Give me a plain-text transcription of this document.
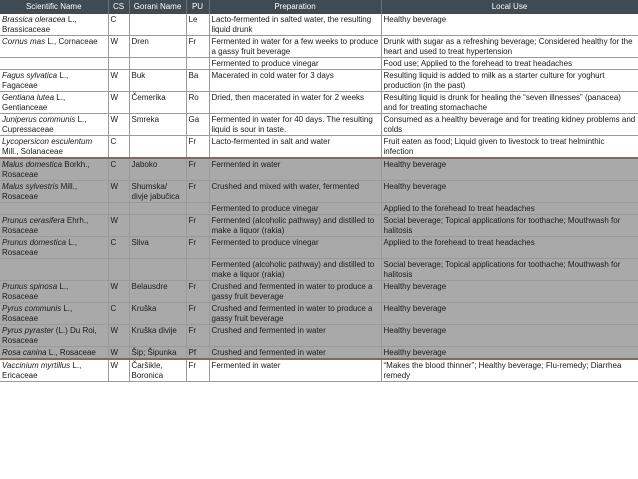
Scientific Name	CS	Gorani Name	PU	Preparation	Local Use
Brassica oleracea L.,
Brassicaceae	C		Le	Lacto-fermented in salted water, the resulting liquid drunk	Healthy beverage
Cornus mas L., Cornaceae	W	Dren	Fr	Fermented in water for a few weeks to produce a gassy fruit beverage	Drunk with sugar as a refreshing beverage; Considered healthy for the heart and used to treat hypertension

				Fermented to produce vinegar	Food use; Applied to the forehead to treat headaches
Fagus sylvatica L.,
Fagaceae	W	Buk	Ba	Macerated in cold water for 3 days	Resulting liquid is added to milk as a starter culture for yoghurt production (in the past)
Gentiana lutea L.,
Gentianceae	W	Čemerika	Ro	Dried, then macerated in water for 2 weeks	Resulting liquid is drunk for healing the “seven illnesses” (panacea) and for treating stomachache
Juniperus communis L.,
Cupressaceae	W	Smreka	Ga	Fermented in water for 40 days. The resulting liquid is sour in taste.	Consumed as a healthy beverage and for treating kidney problems and colds
Lycopersicon esculentum
Mill., Solanaceae	C		Fr	Lacto-fermented in salt and water	Fruit eaten as food; Liquid given to livestock to treat helminthic infection
Malus domestica Borkh.,
Rosaceae	C	Jaboko	Fr	Fermented in water	Healthy beverage
Malus sylvestris Mill.,
Rosaceae	W	Shumska/ divje jabučica	Fr	Crushed and mixed with water, fermented	Healthy beverage

				Fermented to produce vinegar	Applied to the forehead to treat headaches
Prunus cerasifera Ehrh.,
Rosaceae	W		Fr	Fermented (alcoholic pathway) and distilled to make a liquor (rakia)	Social beverage; Topical applications for toothache; Mouthwash for halitosis
Prunus domestica L.,
Rosaceae	C	Sliva	Fr	Fermented to produce vinegar	Applied to the forehead to treat headaches

				Fermented (alcoholic pathway) and distilled to make a liquor (rakia)	Social beverage; Topical applications for toothache; Mouthwash for halitosis
Prunus spinosa L.,
Rosaceae	W	Belausdre	Fr	Crushed and fermented in water to produce a gassy fruit beverage	Healthy beverage
Pyrus communis L.,
Rosaceae	C	Kruška	Fr	Crushed and fermented in water to produce a gassy fruit beverage	Healthy beverage
Pyrus pyraster (L.) Du Roi,
Rosaceae	W	Kruška divije	Fr	Crushed and fermented in water	Healthy beverage
Rosa canina L., Rosaceae	W	Šip; Šipunka	Pf	Crushed and fermented in water	Healthy beverage
Vaccinium myrtillus L.,
Ericaceae	W	Čaršikle, Boronica	Fr	Fermented in water	“Makes the blood thinner”; Healthy beverage; Flu-remedy; Diarrhea remedy
